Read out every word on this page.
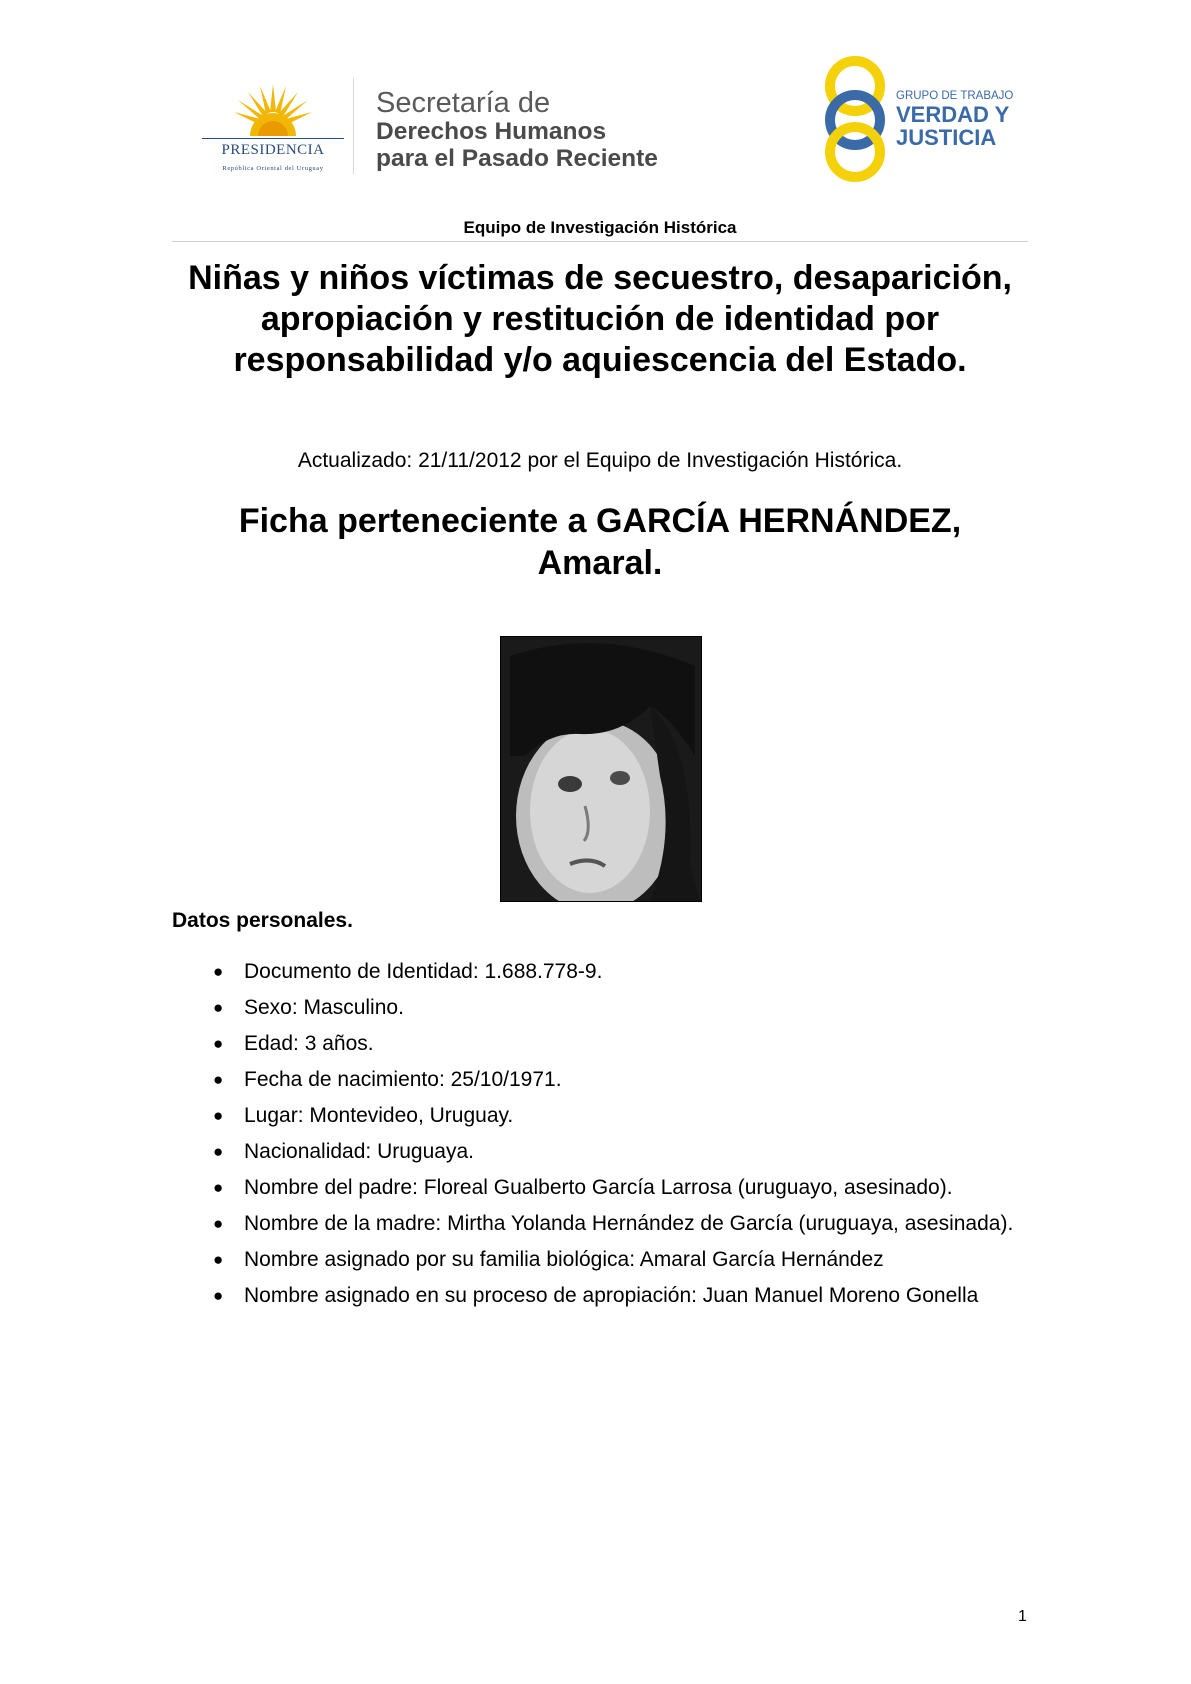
PRESIDENCIA
República Oriental del Uruguay
Secretaría de
Derechos Humanos
para el Pasado Reciente
GRUPO DE TRABAJO
VERDAD Y
JUSTICIA
Equipo de Investigación Histórica
Niñas y niños víctimas de secuestro, desaparición, apropiación y restitución de identidad por responsabilidad y/o aquiescencia del Estado.
Actualizado: 21/11/2012 por el Equipo de Investigación Histórica.
Ficha perteneciente a GARCÍA HERNÁNDEZ,
Amaral.
Datos personales.
● Documento de Identidad: 1.688.778-9.
● Sexo: Masculino.
● Edad: 3 años.
● Fecha de nacimiento: 25/10/1971.
● Lugar: Montevideo, Uruguay.
● Nacionalidad: Uruguaya.
● Nombre del padre: Floreal Gualberto García Larrosa (uruguayo, asesinado).
● Nombre de la madre: Mirtha Yolanda Hernández de García (uruguaya, asesinada).
● Nombre asignado por su familia biológica: Amaral García Hernández
● Nombre asignado en su proceso de apropiación: Juan Manuel Moreno Gonella
1
